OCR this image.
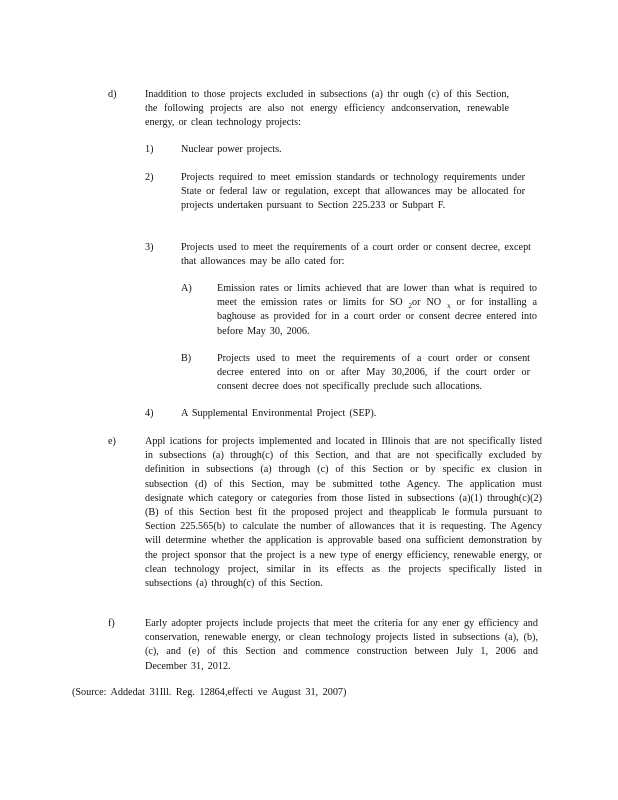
d)	Inaddition to those projects excluded in subsections (a) thr ough (c) of this Section, the following projects are also not energy efficiency andconservation, renewable energy, or clean technology projects:
1)	Nuclear power projects.
2)	Projects required to meet emission standards or technology requirements under State or federal law or regulation, except that allowances may be allocated for projects undertaken pursuant to Section 225.233 or Subpart F.
3)	Projects used to meet the requirements of a court order or consent decree, except that allowances may be allo cated for:
A) Emission rates or limits achieved that are lower than what is required to meet the emission rates or limits for SO $_2$or NO $_x$ or for installing a baghouse as provided for in a court order or consent decree entered into before May 30, 2006.
B)	Projects used to meet the requirements of a court order or consent decree entered into on or after May 30,2006, if the court order or consent decree does not specifically preclude such allocations.
4)	A Supplemental Environmental Project (SEP).
e)	Appl ications for projects implemented and located in Illinois that are not specifically listed in subsections (a) through(c) of this Section, and that are not specifically excluded by definition in subsections (a) through (c) of this Section or by specific ex clusion in subsection (d) of this Section, may be submitted tothe Agency. The application must designate which category or categories from those listed in subsections (a)(1) through(c)(2)(B) of this Section best fit the proposed project and theapplicab le formula pursuant to Section 225.565(b) to calculate the number of allowances that it is requesting. The Agency will determine whether the application is approvable based ona sufficient demonstration by the project sponsor that the project is a new type of energy efficiency, renewable energy, or clean technology project, similar in its effects as the projects specifically listed in subsections (a) through(c) of this Section.
f)	Early adopter projects include projects that meet the criteria for any ener gy efficiency and conservation, renewable energy, or clean technology projects listed in subsections (a), (b), (c), and (e) of this Section and commence construction between July 1, 2006 and December 31, 2012.
(Source: Addedat 31Ill. Reg. 12864,effecti ve August 31, 2007)
